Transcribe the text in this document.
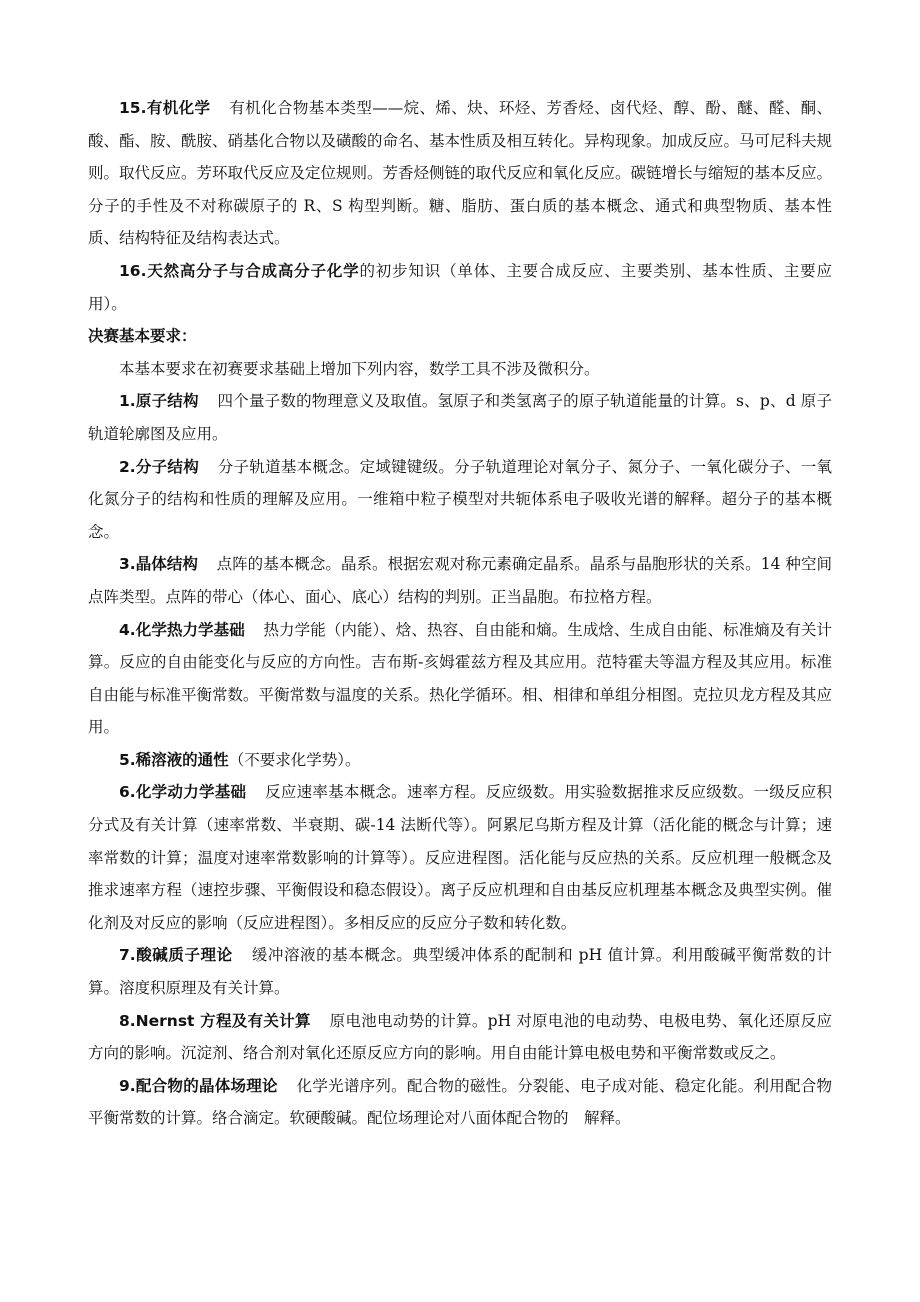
15.有机化学 有机化合物基本类型——烷、烯、炔、环烃、芳香烃、卤代烃、醇、酚、醚、醛、酮、酸、酯、胺、酰胺、硝基化合物以及磺酸的命名、基本性质及相互转化。异构现象。加成反应。马可尼科夫规则。取代反应。芳环取代反应及定位规则。芳香烃侧链的取代反应和氧化反应。碳链增长与缩短的基本反应。分子的手性及不对称碳原子的 R、S 构型判断。糖、脂肪、蛋白质的基本概念、通式和典型物质、基本性质、结构特征及结构表达式。

16.天然高分子与合成高分子化学的初步知识（单体、主要合成反应、主要类别、基本性质、主要应用）。

决赛基本要求：

本基本要求在初赛要求基础上增加下列内容，数学工具不涉及微积分。

1.原子结构 四个量子数的物理意义及取值。氢原子和类氢离子的原子轨道能量的计算。s、p、d 原子轨道轮廓图及应用。

2.分子结构 分子轨道基本概念。定域键键级。分子轨道理论对氧分子、氮分子、一氧化碳分子、一氧化氮分子的结构和性质的理解及应用。一维箱中粒子模型对共轭体系电子吸收光谱的解释。超分子的基本概念。

3.晶体结构 点阵的基本概念。晶系。根据宏观对称元素确定晶系。晶系与晶胞形状的关系。14 种空间点阵类型。点阵的带心（体心、面心、底心）结构的判别。正当晶胞。布拉格方程。

4.化学热力学基础 热力学能（内能）、焓、热容、自由能和熵。生成焓、生成自由能、标准熵及有关计算。反应的自由能变化与反应的方向性。吉布斯-亥姆霍兹方程及其应用。范特霍夫等温方程及其应用。标准自由能与标准平衡常数。平衡常数与温度的关系。热化学循环。相、相律和单组分相图。克拉贝龙方程及其应用。

5.稀溶液的通性（不要求化学势）。

6.化学动力学基础 反应速率基本概念。速率方程。反应级数。用实验数据推求反应级数。一级反应积分式及有关计算（速率常数、半衰期、碳-14 法断代等）。阿累尼乌斯方程及计算（活化能的概念与计算；速率常数的计算；温度对速率常数影响的计算等）。反应进程图。活化能与反应热的关系。反应机理一般概念及推求速率方程（速控步骤、平衡假设和稳态假设）。离子反应机理和自由基反应机理基本概念及典型实例。催化剂及对反应的影响（反应进程图）。多相反应的反应分子数和转化数。

7.酸碱质子理论 缓冲溶液的基本概念。典型缓冲体系的配制和 pH 值计算。利用酸碱平衡常数的计算。溶度积原理及有关计算。

8.Nernst 方程及有关计算 原电池电动势的计算。pH 对原电池的电动势、电极电势、氧化还原反应方向的影响。沉淀剂、络合剂对氧化还原反应方向的影响。用自由能计算电极电势和平衡常数或反之。

9.配合物的晶体场理论 化学光谱序列。配合物的磁性。分裂能、电子成对能、稳定化能。利用配合物平衡常数的计算。络合滴定。软硬酸碱。配位场理论对八面体配合物的　解释。
